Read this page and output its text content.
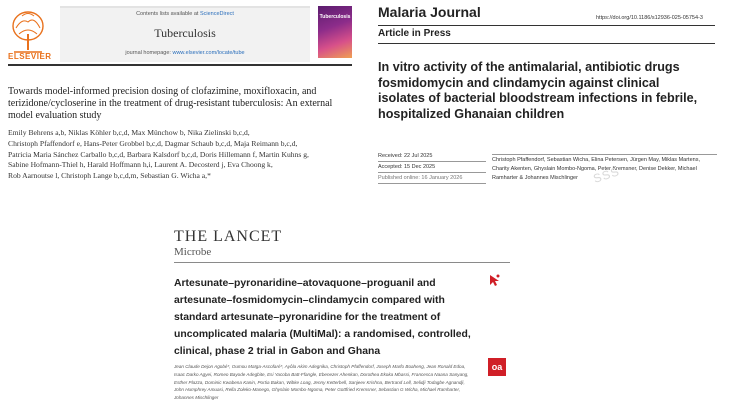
ELSEVIER
Contents lists available at ScienceDirect
Tuberculosis
journal homepage: www.elsevier.com/locate/tube
Tuberculosis
Towards model-informed precision dosing of clofazimine, moxifloxacin, and terizidone/cycloserine in the treatment of drug-resistant tuberculosis: An external model evaluation study
Emily Behrens a,b, Niklas Köhler b,c,d, Max Münchow b, Nika Zielinski b,c,d,
Christoph Pfaffendorf e, Hans-Peter Grobbel b,c,d, Dagmar Schaub b,c,d, Maja Reimann b,c,d,
Patricia Maria Sánchez Carballo b,c,d, Barbara Kalsdorf b,c,d, Doris Hillemann f, Martin Kuhns g,
Sabine Hofmann-Thiel h, Harald Hoffmann h,i, Laurent A. Decosterd j, Eva Choong k,
Rob Aarnoutse l, Christoph Lange b,c,d,m, Sebastian G. Wicha a,*
Malaria Journal	https://doi.org/10.1186/s12936-025-05754-3
Article in Press
In vitro activity of the antimalarial, antibiotic drugs fosmidomycin and clindamycin against clinical isolates of bacterial bloodstream infections in febrile, hospitalized Ghanaian children
Received: 22 Jul 2025
Accepted: 15 Dec 2025
Published online: 16 January 2026
Christoph Pfaffendorf, Sebastian Wicha, Elina Petersen, Jürgen May, Miklas Martens,
Charity Akenten, Ghyslain Mombo-Ngoma, Peter Kremsner, Denise Dekker, Michael
Ramharter & Johannes Mischlinger	SSS
THE LANCET
Microbe
Artesunate–pyronaridine–atovaquone–proguanil and artesunate–fosmidomycin–clindamycin compared with standard artesunate–pyronaridine for the treatment of uncomplicated malaria (MultiMal): a randomised, controlled, clinical, phase 2 trial in Gabon and Ghana
Jean Claude Dejon Agobé*, Oumou Maïga-Ascofaré*, Ayôla Akim Adegnika, Christoph Pfaffendorf, Joseph Marfo Boaheng, Jean Ronald Edoa, Isaac Darko Agyei, Romeo Bayode Adegbite, Esi Yacoba Batt-Ffangle, Ebenezer Ahenkan, Dorothea Ekoka Mbassi, Francesca Naana Sanyang, Esther Plazza, Dominic Kwabena Kanin, Portia Bakan, Wibke Loag, Jenny Ketterbell, Sanjeev Krishna, Bertrand Lell, Selidji Todagbe Agnandji, John Humphrey Amuasi, Rella Zoleko-Manego, Ghyslain Mombo-Ngoma, Peter Gottfried Kremsner, Sebastian G Wicha, Michael Ramharter, Johannes Mischlinger
oa
